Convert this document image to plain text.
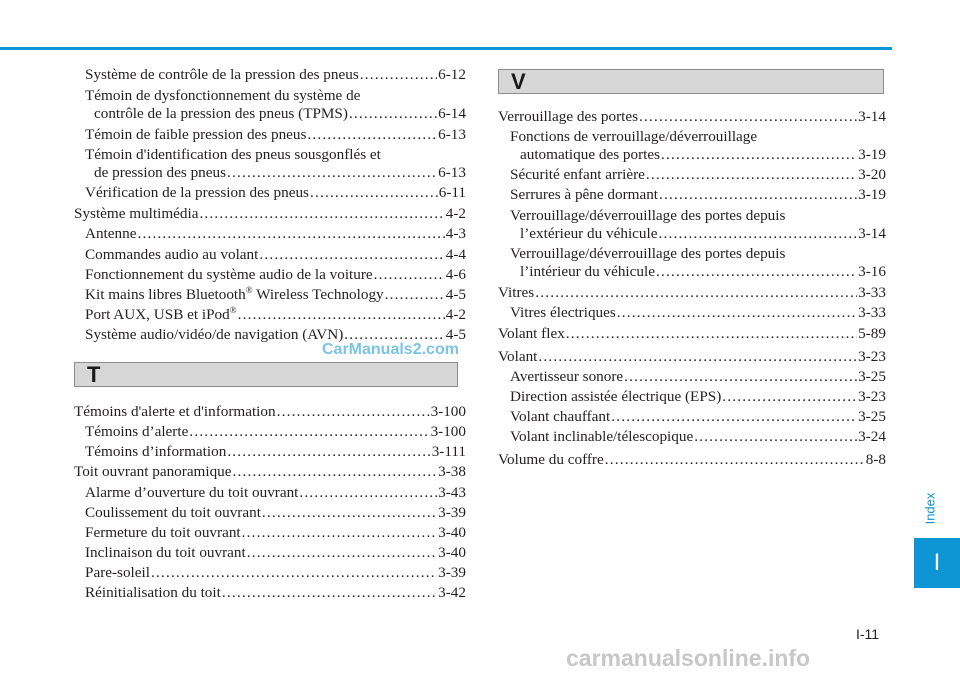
Système de contrôle de la pression des pneus .....	6-12
Témoin de dysfonctionnement du système de
contrôle de la pression des pneus (TPMS) .....	6-14
Témoin de faible pression des pneus .....	6-13
Témoin d'identification des pneus sousgonflés et
de pression des pneus .....	6-13
Vérification de la pression des pneus .....	6-11
Système multimédia .....	4-2
Antenne .....	4-3
Commandes audio au volant .....	4-4
Fonctionnement du système audio de la voiture .....	4-6
Kit mains libres Bluetooth® Wireless Technology .....	4-5
Port AUX, USB et iPod® .....	4-2
Système audio/vidéo/de navigation (AVN) .....	4-5
Témoins d'alerte et d'information .....	3-100
Témoins d’alerte .....	3-100
Témoins d’information .....	3-111
Toit ouvrant panoramique .....	3-38
Alarme d’ouverture du toit ouvrant .....	3-43
Coulissement du toit ouvrant .....	3-39
Fermeture du toit ouvrant .....	3-40
Inclinaison du toit ouvrant .....	3-40
Pare-soleil .....	3-39
Réinitialisation du toit .....	3-42
T
CarManuals2.com
V
Verrouillage des portes .....	3-14
Fonctions de verrouillage/déverrouillage
automatique des portes .....	3-19
Sécurité enfant arrière .....	3-20
Serrures à pêne dormant .....	3-19
Verrouillage/déverrouillage des portes depuis
l’extérieur du véhicule .....	3-14
Verrouillage/déverrouillage des portes depuis
l’intérieur du véhicule .....	3-16
Vitres .....	3-33
Vitres électriques .....	3-33
Volant flex .....	5-89
Volant .....	3-23
Avertisseur sonore .....	3-25
Direction assistée électrique (EPS) .....	3-23
Volant chauffant .....	3-25
Volant inclinable/télescopique .....	3-24
Volume du coffre .....	8-8
Index
I
I-11
carmanualsonline.info
